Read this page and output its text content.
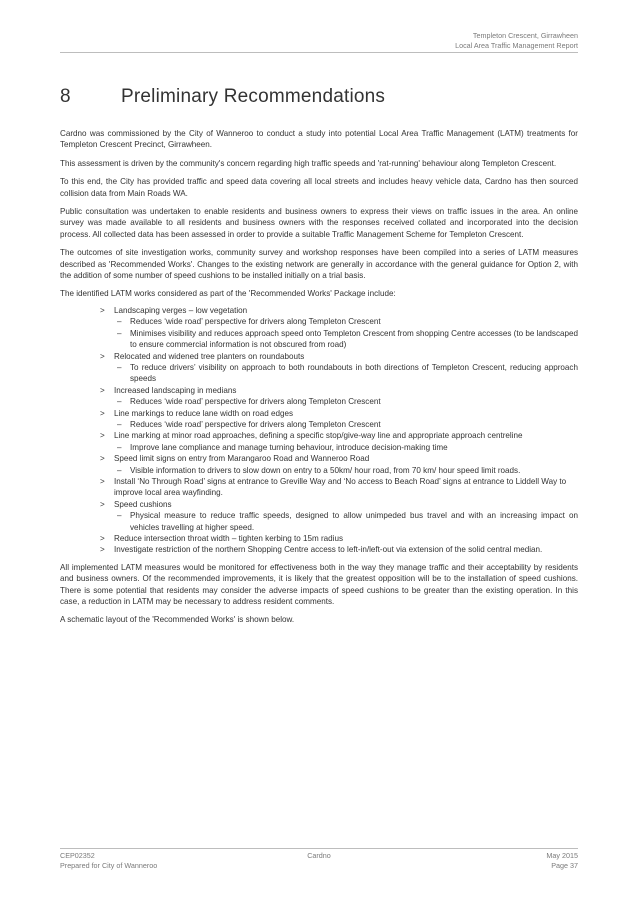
Templeton Crescent, Girrawheen
Local Area Traffic Management Report
8	Preliminary Recommendations

Cardno was commissioned by the City of Wanneroo to conduct a study into potential Local Area Traffic Management (LATM) treatments for Templeton Crescent Precinct, Girrawheen.

This assessment is driven by the community's concern regarding high traffic speeds and 'rat-running' behaviour along Templeton Crescent.

To this end, the City has provided traffic and speed data covering all local streets and includes heavy vehicle data, Cardno has then sourced collision data from Main Roads WA.

Public consultation was undertaken to enable residents and business owners to express their views on traffic issues in the area. An online survey was made available to all residents and business owners with the responses received collated and incorporated into the decision process. All collected data has been assessed in order to provide a suitable Traffic Management Scheme for Templeton Crescent.

The outcomes of site investigation works, community survey and workshop responses have been compiled into a series of LATM measures described as 'Recommended Works'. Changes to the existing network are generally in accordance with the general guidance for Option 2, with the addition of some number of speed cushions to be installed initially on a trial basis.

The identified LATM works considered as part of the 'Recommended Works' Package include:

> Landscaping verges – low vegetation
– Reduces ‘wide road’ perspective for drivers along Templeton Crescent
– Minimises visibility and reduces approach speed onto Templeton Crescent from shopping Centre accesses (to be landscaped to ensure commercial information is not obscured from road)
> Relocated and widened tree planters on roundabouts
– To reduce drivers’ visibility on approach to both roundabouts in both directions of Templeton Crescent, reducing approach speeds
> Increased landscaping in medians
– Reduces ‘wide road’ perspective for drivers along Templeton Crescent
> Line markings to reduce lane width on road edges
– Reduces ‘wide road’ perspective for drivers along Templeton Crescent
> Line marking at minor road approaches, defining a specific stop/give-way line and appropriate approach centreline
– Improve lane compliance and manage turning behaviour, introduce decision-making time
> Speed limit signs on entry from Marangaroo Road and Wanneroo Road
– Visible information to drivers to slow down on entry to a 50km/ hour road, from 70 km/ hour speed limit roads.
> Install ‘No Through Road’ signs at entrance to Greville Way and ‘No access to Beach Road’ signs at entrance to Liddell Way to improve local area wayfinding.
> Speed cushions
– Physical measure to reduce traffic speeds, designed to allow unimpeded bus travel and with an increasing impact on vehicles travelling at higher speed.
> Reduce intersection throat width – tighten kerbing to 15m radius
> Investigate restriction of the northern Shopping Centre access to left-in/left-out via extension of the solid central median.

All implemented LATM measures would be monitored for effectiveness both in the way they manage traffic and their acceptability by residents and business owners. Of the recommended improvements, it is likely that the greatest opposition will be to the installation of speed cushions. There is some potential that residents may consider the adverse impacts of speed cushions to be greater than the existing operation. In this case, a reduction in LATM may be necessary to address resident comments.

A schematic layout of the 'Recommended Works' is shown below.

CEP02352
Prepared for City of Wanneroo
Cardno	May 2015
Page 37
